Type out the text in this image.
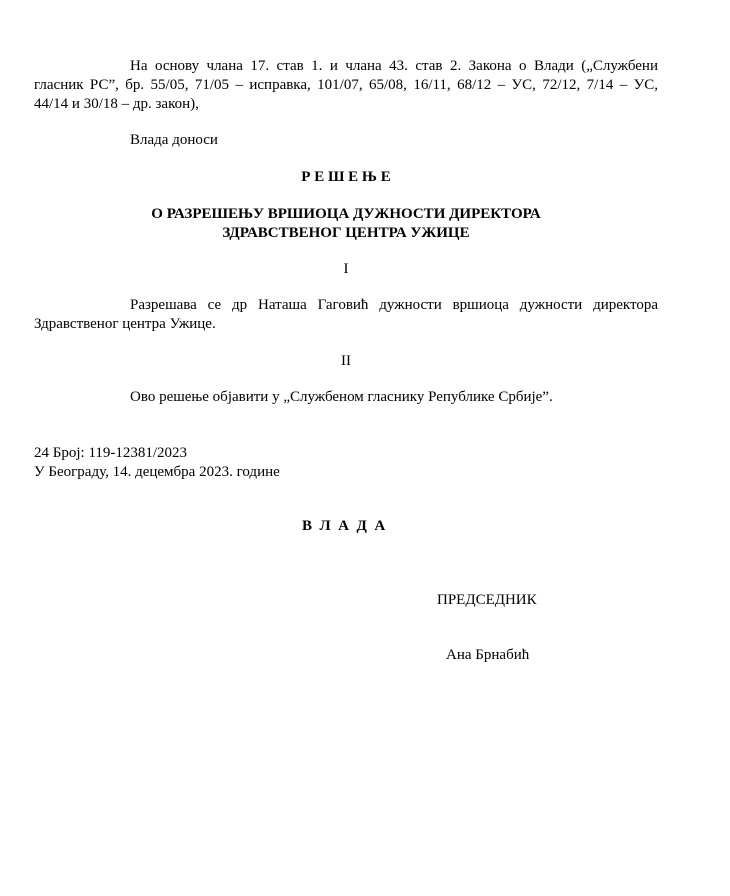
На основу члана 17. став 1. и члана 43. став 2. Закона о Влади („Службени
гласник РС”, бр. 55/05, 71/05 – исправка, 101/07, 65/08, 16/11, 68/12 – УС, 72/12, 7/14 – УС,
44/14 и 30/18 – др. закон),
Влада доноси
Р Е Ш Е Њ Е
О РАЗРЕШЕЊУ ВРШИОЦА ДУЖНОСТИ ДИРЕКТОРА
ЗДРАВСТВЕНОГ ЦЕНТРА УЖИЦЕ
I
Разрешава се др Наташа Гаговић дужности вршиоца дужности директора
Здравственог центра Ужице.
II
Ово решење објавити у „Службеном гласнику Републике Србије”.
24 Број: 119-12381/2023
У Београду, 14. децембра 2023. године
В  Л  А  Д  А
ПРЕДСЕДНИК
Ана Брнабић
